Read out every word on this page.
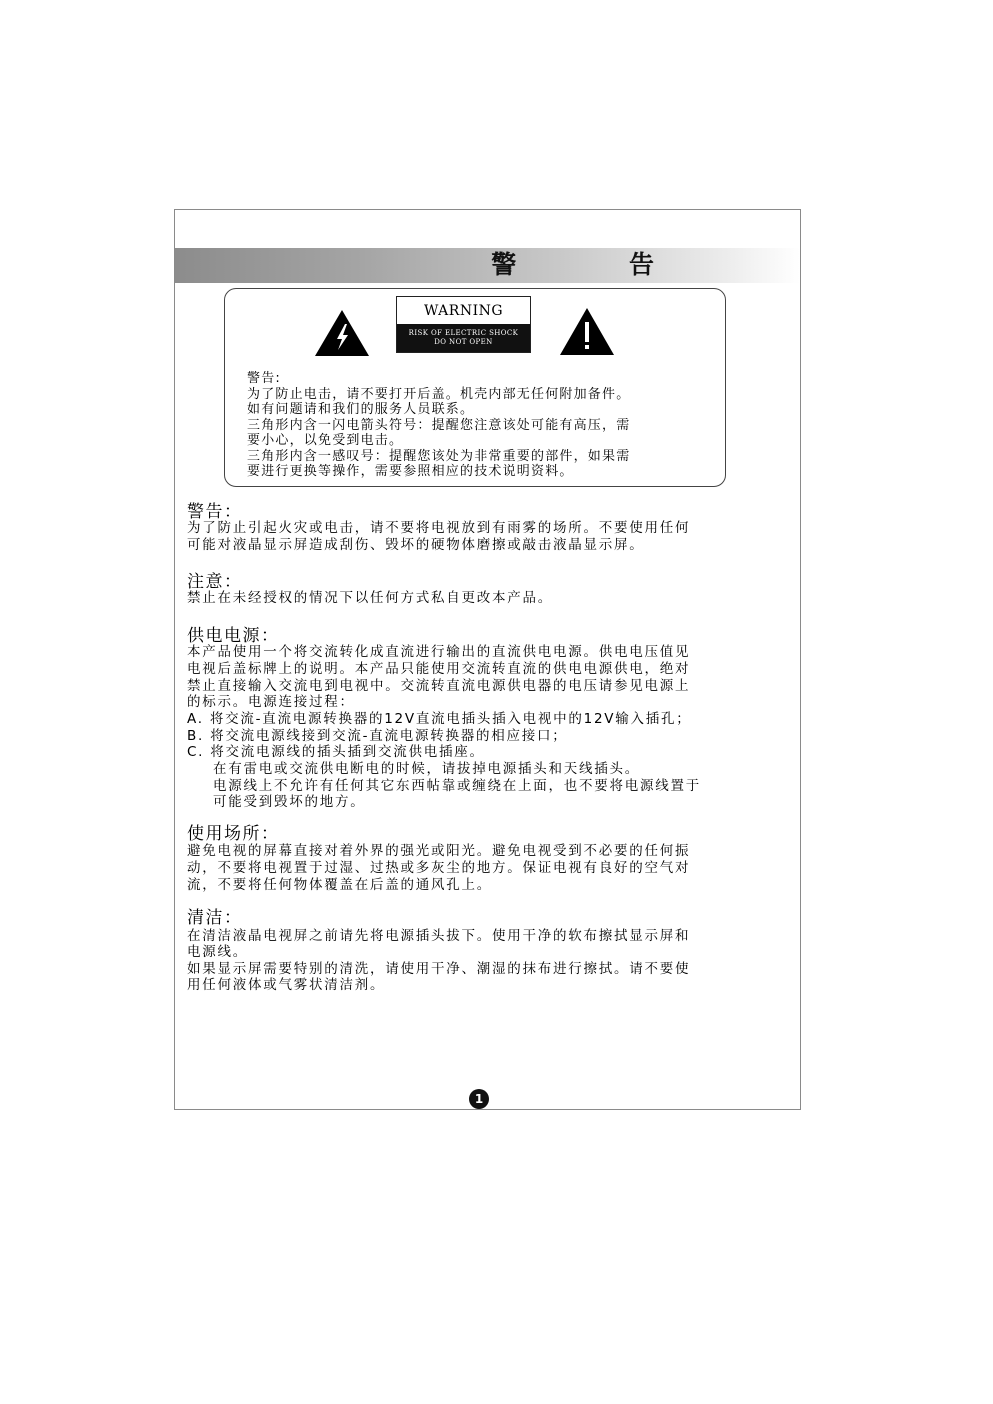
警 告
WARNING
RISK OF ELECTRIC SHOCK
DO NOT OPEN
警告:
为了防止电击，请不要打开后盖。机壳内部无任何附加备件。
如有问题请和我们的服务人员联系。
三角形内含一闪电箭头符号：提醒您注意该处可能有高压，需
要小心，以免受到电击。
三角形内含一感叹号：提醒您该处为非常重要的部件，如果需
要进行更换等操作，需要参照相应的技术说明资料。
警告：
为了防止引起火灾或电击，请不要将电视放到有雨雾的场所。不要使用任何
可能对液晶显示屏造成刮伤、毁坏的硬物体磨擦或敲击液晶显示屏。
注意：
禁止在未经授权的情况下以任何方式私自更改本产品。
供电电源：
本产品使用一个将交流转化成直流进行输出的直流供电电源。供电电压值见
电视后盖标牌上的说明。本产品只能使用交流转直流的供电电源供电，绝对
禁止直接输入交流电到电视中。交流转直流电源供电器的电压请参见电源上
的标示。电源连接过程：
A. 将交流-直流电源转换器的12V直流电插头插入电视中的12V输入插孔；
B. 将交流电源线接到交流-直流电源转换器的相应接口；
C. 将交流电源线的插头插到交流供电插座。
在有雷电或交流供电断电的时候，请拔掉电源插头和天线插头。
电源线上不允许有任何其它东西帖靠或缠绕在上面，也不要将电源线置于
可能受到毁坏的地方。
使用场所：
避免电视的屏幕直接对着外界的强光或阳光。避免电视受到不必要的任何振
动，不要将电视置于过湿、过热或多灰尘的地方。保证电视有良好的空气对
流，不要将任何物体覆盖在后盖的通风孔上。
清洁：
在清洁液晶电视屏之前请先将电源插头拔下。使用干净的软布擦拭显示屏和
电源线。
如果显示屏需要特别的清洗，请使用干净、潮湿的抹布进行擦拭。请不要使
用任何液体或气雾状清洁剂。
1
